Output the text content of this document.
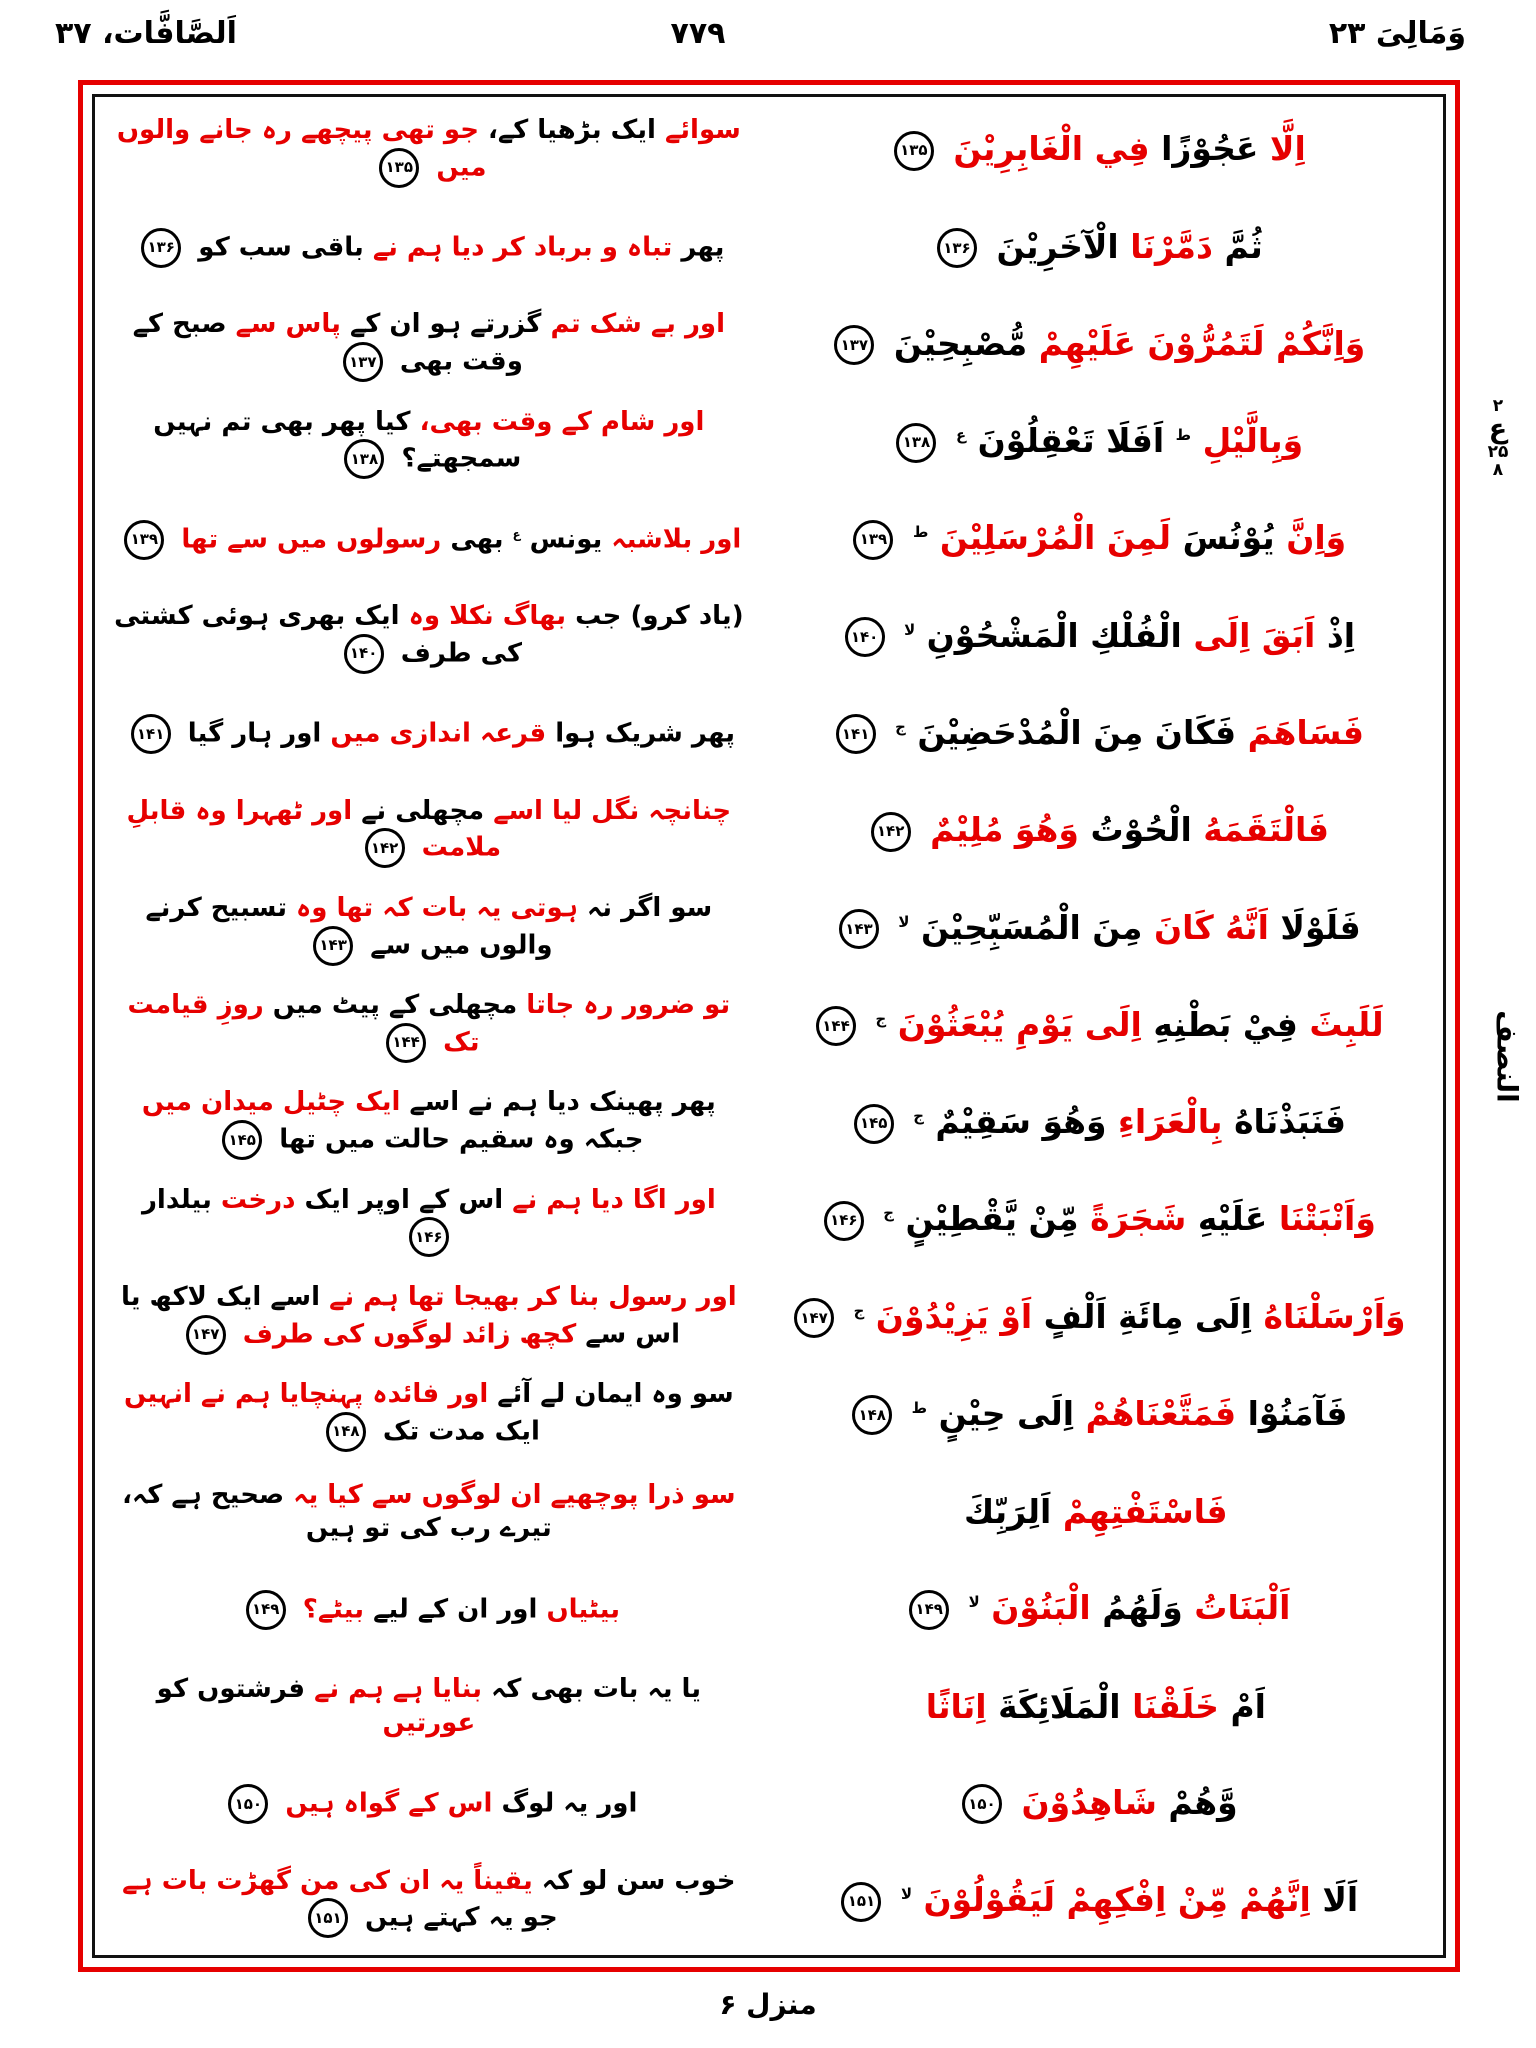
اَلصَّافَّات، ۳۷	۷۷۹	وَمَالِیَ ۲۳
۲
ع
۲۵
۸
النصف
اِلَّا عَجُوْزًا فِي الْغَابِرِيْنَ ۱۳۵
سوائے ایک بڑھیا کے، جو تھی پیچھے رہ جانے والوں میں ۱۳۵
ثُمَّ دَمَّرْنَا الْآخَرِيْنَ ۱۳۶
پھر تباہ و برباد کر دیا ہم نے باقی سب کو ۱۳۶
وَاِنَّكُمْ لَتَمُرُّوْنَ عَلَيْهِمْ مُّصْبِحِيْنَ ۱۳۷
اور بے شک تم گزرتے ہو ان کے پاس سے صبح کے وقت بھی ۱۳۷
وَبِالَّيْلِ $^ط$ اَفَلَا تَعْقِلُوْنَ $^ع$ ۱۳۸
اور شام کے وقت بھی، کیا پھر بھی تم نہیں سمجھتے؟ ۱۳۸
وَاِنَّ يُوْنُسَ لَمِنَ الْمُرْسَلِيْنَ $^ط$ ۱۳۹
اور بلاشبہ یونس $^ع$ بھی رسولوں میں سے تھا ۱۳۹
اِذْ اَبَقَ اِلَى الْفُلْكِ الْمَشْحُوْنِ $^{لا}$ ۱۴۰
(یاد کرو) جب بھاگ نکلا وہ ایک بھری ہوئی کشتی کی طرف ۱۴۰
فَسَاهَمَ فَكَانَ مِنَ الْمُدْحَضِيْنَ $^ج$ ۱۴۱
پھر شریک ہوا قرعہ اندازی میں اور ہار گیا ۱۴۱
فَالْتَقَمَهُ الْحُوْتُ وَهُوَ مُلِيْمٌ ۱۴۲
چنانچہ نگل لیا اسے مچھلی نے اور ٹھہرا وہ قابلِ ملامت ۱۴۲
فَلَوْلَا اَنَّهُ كَانَ مِنَ الْمُسَبِّحِيْنَ $^{لا}$ ۱۴۳
سو اگر نہ ہوتی یہ بات کہ تھا وہ تسبیح کرنے والوں میں سے ۱۴۳
لَلَبِثَ فِيْ بَطْنِهِ اِلَى يَوْمِ يُبْعَثُوْنَ $^ج$ ۱۴۴
تو ضرور رہ جاتا مچھلی کے پیٹ میں روزِ قیامت تک ۱۴۴
فَنَبَذْنَاهُ بِالْعَرَاءِ وَهُوَ سَقِيْمٌ $^ج$ ۱۴۵
پھر پھینک دیا ہم نے اسے ایک چٹیل میدان میں جبکہ وہ سقیم حالت میں تھا ۱۴۵
وَاَنْبَتْنَا عَلَيْهِ شَجَرَةً مِّنْ يَّقْطِيْنٍ $^ج$ ۱۴۶
اور اگا دیا ہم نے اس کے اوپر ایک درخت بیلدار ۱۴۶
وَاَرْسَلْنَاهُ اِلَى مِائَةِ اَلْفٍ اَوْ يَزِيْدُوْنَ $^ج$ ۱۴۷
اور رسول بنا کر بھیجا تھا ہم نے اسے ایک لاکھ یا اس سے کچھ زائد لوگوں کی طرف ۱۴۷
فَآمَنُوْا فَمَتَّعْنَاهُمْ اِلَى حِيْنٍ $^ط$ ۱۴۸
سو وہ ایمان لے آئے اور فائدہ پہنچایا ہم نے انہیں ایک مدت تک ۱۴۸
فَاسْتَفْتِهِمْ اَلِرَبِّكَ
سو ذرا پوچھیے ان لوگوں سے کیا یہ صحیح ہے کہ، تیرے رب کی تو ہیں
اَلْبَنَاتُ وَلَهُمُ الْبَنُوْنَ $^{لا}$ ۱۴۹
بیٹیاں اور ان کے لیے بیٹے؟ ۱۴۹
اَمْ خَلَقْنَا الْمَلَائِكَةَ اِنَاثًا
یا یہ بات بھی کہ بنایا ہے ہم نے فرشتوں کو عورتیں
وَّهُمْ شَاهِدُوْنَ ۱۵۰
اور یہ لوگ اس کے گواہ ہیں ۱۵۰
اَلَا اِنَّهُمْ مِّنْ اِفْكِهِمْ لَيَقُوْلُوْنَ $^{لا}$ ۱۵۱
خوب سن لو کہ یقیناً یہ ان کی من گھڑت بات ہے جو یہ کہتے ہیں ۱۵۱
منزل ۶
